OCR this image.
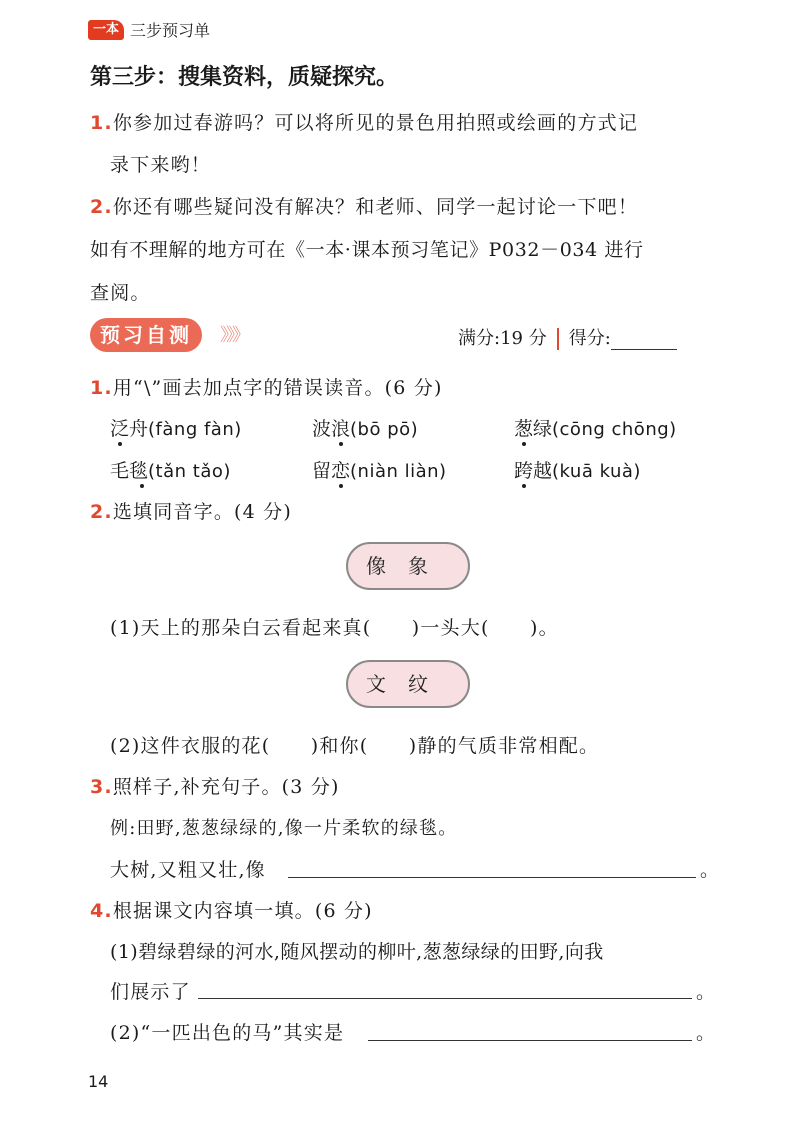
一本 三步预习单
第三步：搜集资料，质疑探究。
1.你参加过春游吗？可以将所见的景色用拍照或绘画的方式记
录下来哟！
2.你还有哪些疑问没有解决？和老师、同学一起讨论一下吧！
如有不理解的地方可在《一本·课本预习笔记》P032－034 进行
查阅。
预习自测	》》》	满分:19 分 得分:
1.用“\”画去加点字的错误读音。(6 分)
泛舟(fàng fàn)	波浪(bō pō)	葱绿(cōng chōng)
毛毯(tǎn tǎo)	留恋(niàn liàn)	跨越(kuā kuà)
2.选填同音字。(4 分)
像象
(1)天上的那朵白云看起来真(　　)一头大(　　)。
文纹
(2)这件衣服的花(　　)和你(　　)静的气质非常相配。
3.照样子,补充句子。(3 分)
例:田野,葱葱绿绿的,像一片柔软的绿毯。
大树,又粗又壮,像	。
4.根据课文内容填一填。(6 分)
(1)碧绿碧绿的河水,随风摆动的柳叶,葱葱绿绿的田野,向我
们展示了	。
(2)“一匹出色的马”其实是	。
14
